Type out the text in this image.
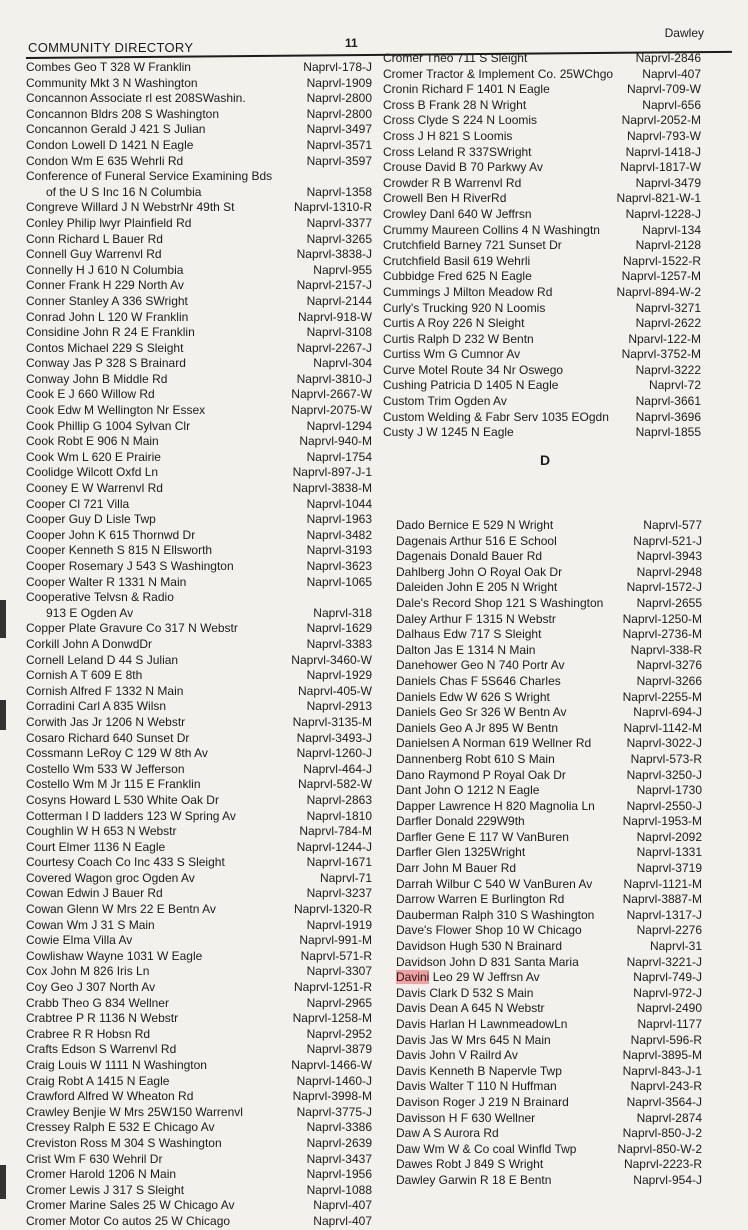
COMMUNITY DIRECTORY	11
Dawley
Combes Geo T 328 W Franklin	Naprvl-178-J
Community Mkt 3 N Washington	Naprvl-1909
Concannon Associate rl est 208SWashin.	Naprvl-2800
Concannon Bldrs 208 S Washington	Naprvl-2800
Concannon Gerald J 421 S Julian	Naprvl-3497
Condon Lowell D 1421 N Eagle	Naprvl-3571
Condon Wm E 635 Wehrli Rd	Naprvl-3597
Conference of Funeral Service Examining Bds
of the U S Inc 16 N Columbia	Naprvl-1358
Congreve Willard J N WebstrNr 49th St	Naprvl-1310-R
Conley Philip lwyr Plainfield Rd	Naprvl-3377
Conn Richard L Bauer Rd	Naprvl-3265
Connell Guy Warrenvl Rd	Naprvl-3838-J
Connelly H J 610 N Columbia	Naprvl-955
Conner Frank H 229 North Av	Naprvl-2157-J
Conner Stanley A 336 SWright	Naprvl-2144
Conrad John L 120 W Franklin	Naprvl-918-W
Considine John R 24 E Franklin	Naprvl-3108
Contos Michael 229 S Sleight	Naprvl-2267-J
Conway Jas P 328 S Brainard	Naprvl-304
Conway John B Middle Rd	Naprvl-3810-J
Cook E J 660 Willow Rd	Naprvl-2667-W
Cook Edw M Wellington Nr Essex	Naprvl-2075-W
Cook Phillip G 1004 Sylvan Clr	Naprvl-1294
Cook Robt E 906 N Main	Naprvl-940-M
Cook Wm L 620 E Prairie	Naprvl-1754
Coolidge Wilcott Oxfd Ln	Naprvl-897-J-1
Cooney E W Warrenvl Rd	Naprvl-3838-M
Cooper Cl 721 Villa	Naprvl-1044
Cooper Guy D Lisle Twp	Naprvl-1963
Cooper John K 615 Thornwd Dr	Naprvl-3482
Cooper Kenneth S 815 N Ellsworth	Naprvl-3193
Cooper Rosemary J 543 S Washington	Naprvl-3623
Cooper Walter R 1331 N Main	Naprvl-1065
Cooperative Telvsn & Radio
913 E Ogden Av	Naprvl-318
Copper Plate Gravure Co 317 N Webstr	Naprvl-1629
Corkill John A DonwdDr	Naprvl-3383
Cornell Leland D 44 S Julian	Naprvl-3460-W
Cornish A T 609 E 8th	Naprvl-1929
Cornish Alfred F 1332 N Main	Naprvl-405-W
Corradini Carl A 835 Wilsn	Naprvl-2913
Corwith Jas Jr 1206 N Webstr	Naprvl-3135-M
Cosaro Richard 640 Sunset Dr	Naprvl-3493-J
Cossmann LeRoy C 129 W 8th Av	Naprvl-1260-J
Costello Wm 533 W Jefferson	Naprvl-464-J
Costello Wm M Jr 115 E Franklin	Naprvl-582-W
Cosyns Howard L 530 White Oak Dr	Naprvl-2863
Cotterman I D ladders 123 W Spring Av	Naprvl-1810
Coughlin W H 653 N Webstr	Naprvl-784-M
Court Elmer 1136 N Eagle	Naprvl-1244-J
Courtesy Coach Co Inc 433 S Sleight	Naprvl-1671
Covered Wagon groc Ogden Av	Naprvl-71
Cowan Edwin J Bauer Rd	Naprvl-3237
Cowan Glenn W Mrs 22 E Bentn Av	Naprvl-1320-R
Cowan Wm J 31 S Main	Naprvl-1919
Cowie Elma Villa Av	Naprvl-991-M
Cowlishaw Wayne 1031 W Eagle	Naprvl-571-R
Cox John M 826 Iris Ln	Naprvl-3307
Coy Geo J 307 North Av	Naprvl-1251-R
Crabb Theo G 834 Wellner	Naprvl-2965
Crabtree P R 1136 N Webstr	Naprvl-1258-M
Crabree R R Hobsn Rd	Naprvl-2952
Crafts Edson S Warrenvl Rd	Naprvl-3879
Craig Louis W 1111 N Washington	Naprvl-1466-W
Craig Robt A 1415 N Eagle	Naprvl-1460-J
Crawford Alfred W Wheaton Rd	Naprvl-3998-M
Crawley Benjie W Mrs 25W150 Warrenvl	Naprvl-3775-J
Cressey Ralph E 532 E Chicago Av	Naprvl-3386
Creviston Ross M 304 S Washington	Naprvl-2639
Crist Wm F 630 Wehril Dr	Naprvl-3437
Cromer Harold 1206 N Main	Naprvl-1956
Cromer Lewis J 317 S Sleight	Naprvl-1088
Cromer Marine Sales 25 W Chicago Av	Naprvl-407
Cromer Motor Co autos 25 W Chicago	Naprvl-407
Cromer Theo 711 S Sleight	Naprvl-2846
Cromer Tractor & Implement Co. 25WChgo Naprvl-407
Cronin Richard F 1401 N Eagle	Naprvl-709-W
Cross B Frank 28 N Wright	Naprvl-656
Cross Clyde S 224 N Loomis	Naprvl-2052-M
Cross J H 821 S Loomis	Naprvl-793-W
Cross Leland R 337SWright	Naprvl-1418-J
Crouse David B 70 Parkwy Av	Naprvl-1817-W
Crowder R B Warrenvl Rd	Naprvl-3479
Crowell Ben H RiverRd	Naprvl-821-W-1
Crowley Danl 640 W Jeffrsn	Naprvl-1228-J
Crummy Maureen Collins 4 N Washingtn	Naprvl-134
Crutchfield Barney 721 Sunset Dr	Naprvl-2128
Crutchfield Basil 619 Wehrli	Naprvl-1522-R
Cubbidge Fred 625 N Eagle	Naprvl-1257-M
Cummings J Milton Meadow Rd	Naprvl-894-W-2
Curly's Trucking 920 N Loomis	Naprvl-3271
Curtis A Roy 226 N Sleight	Naprvl-2622
Curtis Ralph D 232 W Bentn	Nparvl-122-M
Curtiss Wm G Cumnor Av	Naprvl-3752-M
Curve Motel Route 34 Nr Oswego	Naprvl-3222
Cushing Patricia D 1405 N Eagle	Naprvl-72
Custom Trim Ogden Av	Naprvl-3661
Custom Welding & Fabr Serv 1035 EOgdn Naprvl-3696
Custy J W 1245 N Eagle	Naprvl-1855
D
Dado Bernice E 529 N Wright	Naprvl-577
Dagenais Arthur 516 E School	Naprvl-521-J
Dagenais Donald Bauer Rd	Naprvl-3943
Dahlberg John O Royal Oak Dr	Naprvl-2948
Daleiden John E 205 N Wright	Naprvl-1572-J
Dale's Record Shop 121 S Washington	Naprvl-2655
Daley Arthur F 1315 N Webstr	Naprvl-1250-M
Dalhaus Edw 717 S Sleight	Naprvl-2736-M
Dalton Jas E 1314 N Main	Naprvl-338-R
Danehower Geo N 740 Portr Av	Naprvl-3276
Daniels Chas F 5S646 Charles	Naprvl-3266
Daniels Edw W 626 S Wright	Naprvl-2255-M
Daniels Geo Sr 326 W Bentn Av	Naprvl-694-J
Daniels Geo A Jr 895 W Bentn	Naprvl-1142-M
Danielsen A Norman 619 Wellner Rd	Naprvl-3022-J
Dannenberg Robt 610 S Main	Naprvl-573-R
Dano Raymond P Royal Oak Dr	Naprvl-3250-J
Dant John O 1212 N Eagle	Naprvl-1730
Dapper Lawrence H 820 Magnolia Ln	Naprvl-2550-J
Darfler Donald 229W9th	Naprvl-1953-M
Darfler Gene E 117 W VanBuren	Naprvl-2092
Darfler Glen 1325Wright	Naprvl-1331
Darr John M Bauer Rd	Naprvl-3719
Darrah Wilbur C 540 W VanBuren Av	Naprvl-1121-M
Darrow Warren E Burlington Rd	Naprvl-3887-M
Dauberman Ralph 310 S Washington	Naprvl-1317-J
Dave's Flower Shop 10 W Chicago	Naprvl-2276
Davidson Hugh 530 N Brainard	Naprvl-31
Davidson John D 831 Santa Maria	Naprvl-3221-J
Davini Leo 29 W Jeffrsn Av	Naprvl-749-J
Davis Clark D 532 S Main	Naprvl-972-J
Davis Dean A 645 N Webstr	Naprvl-2490
Davis Harlan H LawnmeadowLn	Naprvl-1177
Davis Jas W Mrs 645 N Main	Naprvl-596-R
Davis John V Railrd Av	Naprvl-3895-M
Davis Kenneth B Napervle Twp	Naprvl-843-J-1
Davis Walter T 110 N Huffman	Naprvl-243-R
Davison Roger J 219 N Brainard	Naprvl-3564-J
Davisson H F 630 Wellner	Naprvl-2874
Daw A S Aurora Rd	Naprvl-850-J-2
Daw Wm W & Co coal Winfld Twp	Naprvl-850-W-2
Dawes Robt J 849 S Wright	Naprvl-2223-R
Dawley Garwin R 18 E Bentn	Naprvl-954-J
